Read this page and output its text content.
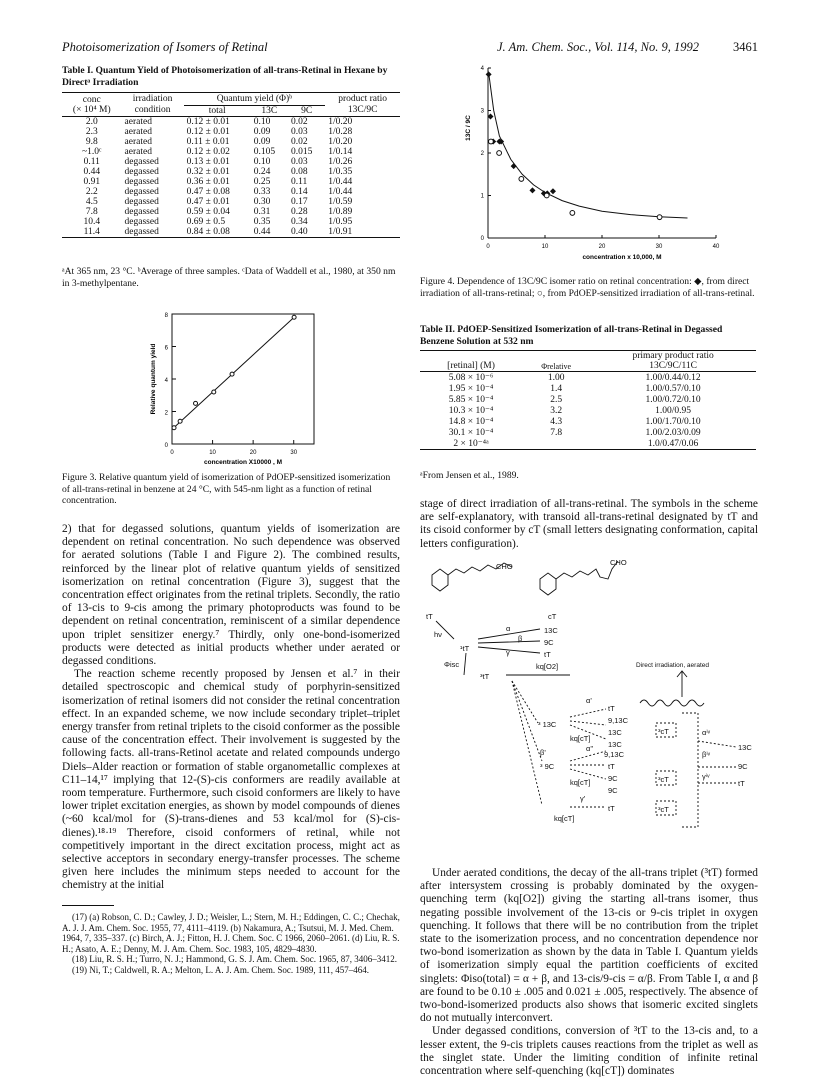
Photoisomerization of Isomers of Retinal	J. Am. Chem. Soc., Vol. 114, No. 9, 1992	3461
Table I. Quantum Yield of Photoisomerization of all-trans-Retinal in Hexane by Directᵃ Irradiation
conc	irradiation	Quantum yield (Φ)ᵇ			product ratio
(× 10⁴ M)	condition	total	13C	9C	13C/9C
2.0	aerated	0.12 ± 0.01	0.10	0.02	1/0.20
2.3	aerated	0.12 ± 0.01	0.09	0.03	1/0.28
9.8	aerated	0.11 ± 0.01	0.09	0.02	1/0.20
~1.0ᶜ	aerated	0.12 ± 0.02	0.105	0.015	1/0.14
0.11	degassed	0.13 ± 0.01	0.10	0.03	1/0.26
0.44	degassed	0.32 ± 0.01	0.24	0.08	1/0.35
0.91	degassed	0.36 ± 0.01	0.25	0.11	1/0.44
2.2	degassed	0.47 ± 0.08	0.33	0.14	1/0.44
4.5	degassed	0.47 ± 0.01	0.30	0.17	1/0.59
7.8	degassed	0.59 ± 0.04	0.31	0.28	1/0.89
10.4	degassed	0.69 ± 0.5	0.35	0.34	1/0.95
11.4	degassed	0.84 ± 0.08	0.44	0.40	1/0.91
ᵃAt 365 nm, 23 °C. ᵇAverage of three samples. ᶜData of Waddell et al., 1980, at 350 nm in 3-methylpentane.
0
2
4
6
8
0	10	20	30
Relative quantum yield
concentration X10000 , M
Figure 3. Relative quantum yield of isomerization of PdOEP-sensitized isomerization of all-trans-retinal in benzene at 24 °C, with 545-nm light as a function of retinal concentration.

2) that for degassed solutions, quantum yields of isomerization are dependent on retinal concentration. No such dependence was observed for aerated solutions (Table I and Figure 2). The combined results, reinforced by the linear plot of relative quantum yields of sensitized isomerization on retinal concentration (Figure 3), suggest that the concentration effect originates from the retinal triplets. Secondly, the ratio of 13-cis to 9-cis among the primary photoproducts was found to be dependent on retinal concentration, reminiscent of a similar dependence upon triplet sensitizer energy.⁷ Thirdly, only one-bond-isomerized products were detected as initial products whether under aerated or degassed conditions.

The reaction scheme recently proposed by Jensen et al.⁷ in their detailed spectroscopic and chemical study of porphyrin-sensitized isomerization of retinal isomers did not consider the retinal concentration effect. In an expanded scheme, we now include secondary triplet–triplet energy transfer from retinal triplets to the cisoid conformer as the possible cause of the concentration effect. Their involvement is suggested by the following facts. all-trans-Retinol acetate and related compounds undergo Diels–Alder reaction or formation of stable organometallic complexes at C11–14,¹⁷ implying that 12-(S)-cis conformers are readily available at room temperature. Furthermore, such cisoid conformers are likely to have lower triplet excitation energies, as shown by model compounds of dienes (~60 kcal/mol for (S)-trans-dienes and 53 kcal/mol for (S)-cis-dienes).¹⁸·¹⁹ Therefore, cisoid conformers of retinal, while not competitively important in the direct excitation process, might act as selective acceptors in secondary energy-transfer processes. The scheme given here includes the minimum steps needed to account for the chemistry at the initial

(17) (a) Robson, C. D.; Cawley, J. D.; Weisler, L.; Stern, M. H.; Eddingen, C. C.; Chechak, A. J. J. Am. Chem. Soc. 1955, 77, 4111–4119. (b) Nakamura, A.; Tsutsui, M. J. Med. Chem. 1964, 7, 335–337. (c) Birch, A. J.; Fitton, H. J. Chem. Soc. C 1966, 2060–2061. (d) Liu, R. S. H.; Asato, A. E.; Denny, M. J. Am. Chem. Soc. 1983, 105, 4829–4830.
(18) Liu, R. S. H.; Turro, N. J.; Hammond, G. S. J. Am. Chem. Soc. 1965, 87, 3406–3412.
(19) Ni, T.; Caldwell, R. A.; Melton, L. A. J. Am. Chem. Soc. 1989, 111, 457–464.
0
1
2
3
4
0	10	20	30	40
13C / 9C
concentration x 10,000, M
Figure 4. Dependence of 13C/9C isomer ratio on retinal concentration: ◆, from direct irradiation of all-trans-retinal; ○, from PdOEP-sensitized irradiation of all-trans-retinal.
Table II. PdOEP-Sensitized Isomerization of all-trans-Retinal in Degassed Benzene Solution at 532 nm
		primary product ratio
[retinal] (M)	Φrelative	13C/9C/11C
5.08 × 10⁻⁶	1.00	1.00/0.44/0.12
1.95 × 10⁻⁴	1.4	1.00/0.57/0.10
5.85 × 10⁻⁴	2.5	1.00/0.72/0.10
10.3 × 10⁻⁴	3.2	1.00/0.95
14.8 × 10⁻⁴	4.3	1.00/1.70/0.10
30.1 × 10⁻⁴	7.8	1.00/2.03/0.09
2 × 10⁻⁴ᵃ		1.0/0.47/0.06
ᵃFrom Jensen et al., 1989.

stage of direct irradiation of all-trans-retinal. The symbols in the scheme are self-explanatory, with transoid all-trans-retinal designated by tT and its cisoid conformer by cT (small letters designating conformation, capital letters configuration).

CHO	CHO
tT	cT
hν
¹tT
Φisc
α
β
γ
13C
9C
tT
kq[O2]
³tT
Direct irradiation, aerated
³ 13C
³ 9C
α'
kq[cT]
tT
9,13C
13C
13C
α''
9,13C
tT
9C
kq[cT]
9C
β'
γ'
kq[cT]
tT
³cT
³cT
³cT
αⁱᵛ
βⁱᵛ
γⁱᵛ
13C
9C
tT

Under aerated conditions, the decay of the all-trans triplet (³tT) formed after intersystem crossing is probably dominated by the oxygen-quenching term (kq[O2]) giving the starting all-trans isomer, thus negating possible involvement of the 13-cis or 9-cis triplet in oxygen quenching. It follows that there will be no contribution from the triplet state to the isomerization process, and no concentration dependence nor two-bond isomerization as shown by the data in Table I. Quantum yields of isomerization simply equal the partition coefficients of excited singlets: Φiso(total) = α + β, and 13-cis/9-cis = α/β. From Table I, α and β are found to be 0.10 ± .005 and 0.021 ± .005, respectively. The absence of two-bond-isomerized products also shows that isomeric excited singlets do not mutually interconvert.

Under degassed conditions, conversion of ³tT to the 13-cis and, to a lesser extent, the 9-cis triplets causes reactions from the triplet as well as the singlet state. Under the limiting condition of infinite retinal concentration where self-quenching (kq[cT]) dominates
